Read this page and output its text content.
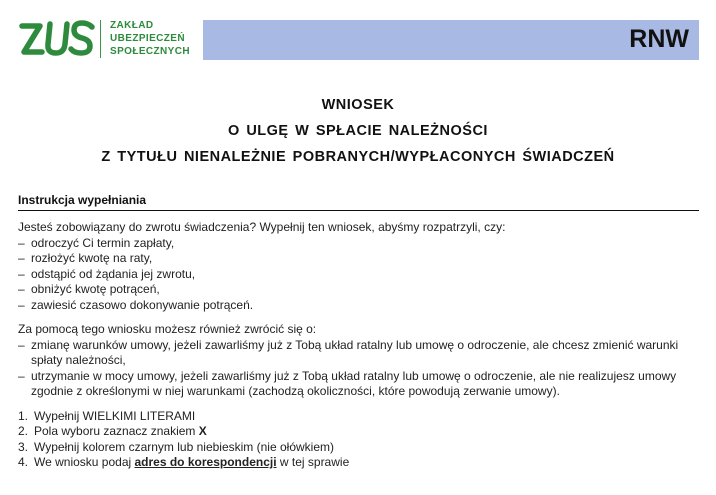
ZAKŁAD
UBEZPIECZEŃ
SPOŁECZNYCH	RNW
WNIOSEK
O ULGĘ W SPŁACIE NALEŻNOŚCI
Z TYTUŁU NIENALEŻNIE POBRANYCH/WYPŁACONYCH ŚWIADCZEŃ
Instrukcja wypełniania

Jesteś zobowiązany do zwrotu świadczenia? Wypełnij ten wniosek, abyśmy rozpatrzyli, czy:

– odroczyć Ci termin zapłaty,

– rozłożyć kwotę na raty,

– odstąpić od żądania jej zwrotu,

– obniżyć kwotę potrąceń,

– zawiesić czasowo dokonywanie potrąceń.

Za pomocą tego wniosku możesz również zwrócić się o:

– zmianę warunków umowy, jeżeli zawarliśmy już z Tobą układ ratalny lub umowę o odroczenie, ale chcesz zmienić warunki spłaty należności,

– utrzymanie w mocy umowy, jeżeli zawarliśmy już z Tobą układ ratalny lub umowę o odroczenie, ale nie realizujesz umowy zgodnie z określonymi w niej warunkami (zachodzą okoliczności, które powodują zerwanie umowy).

1. Wypełnij WIELKIMI LITERAMI

2. Pola wyboru zaznacz znakiem X

3. Wypełnij kolorem czarnym lub niebieskim (nie ołówkiem)

4. We wniosku podaj adres do korespondencji w tej sprawie
